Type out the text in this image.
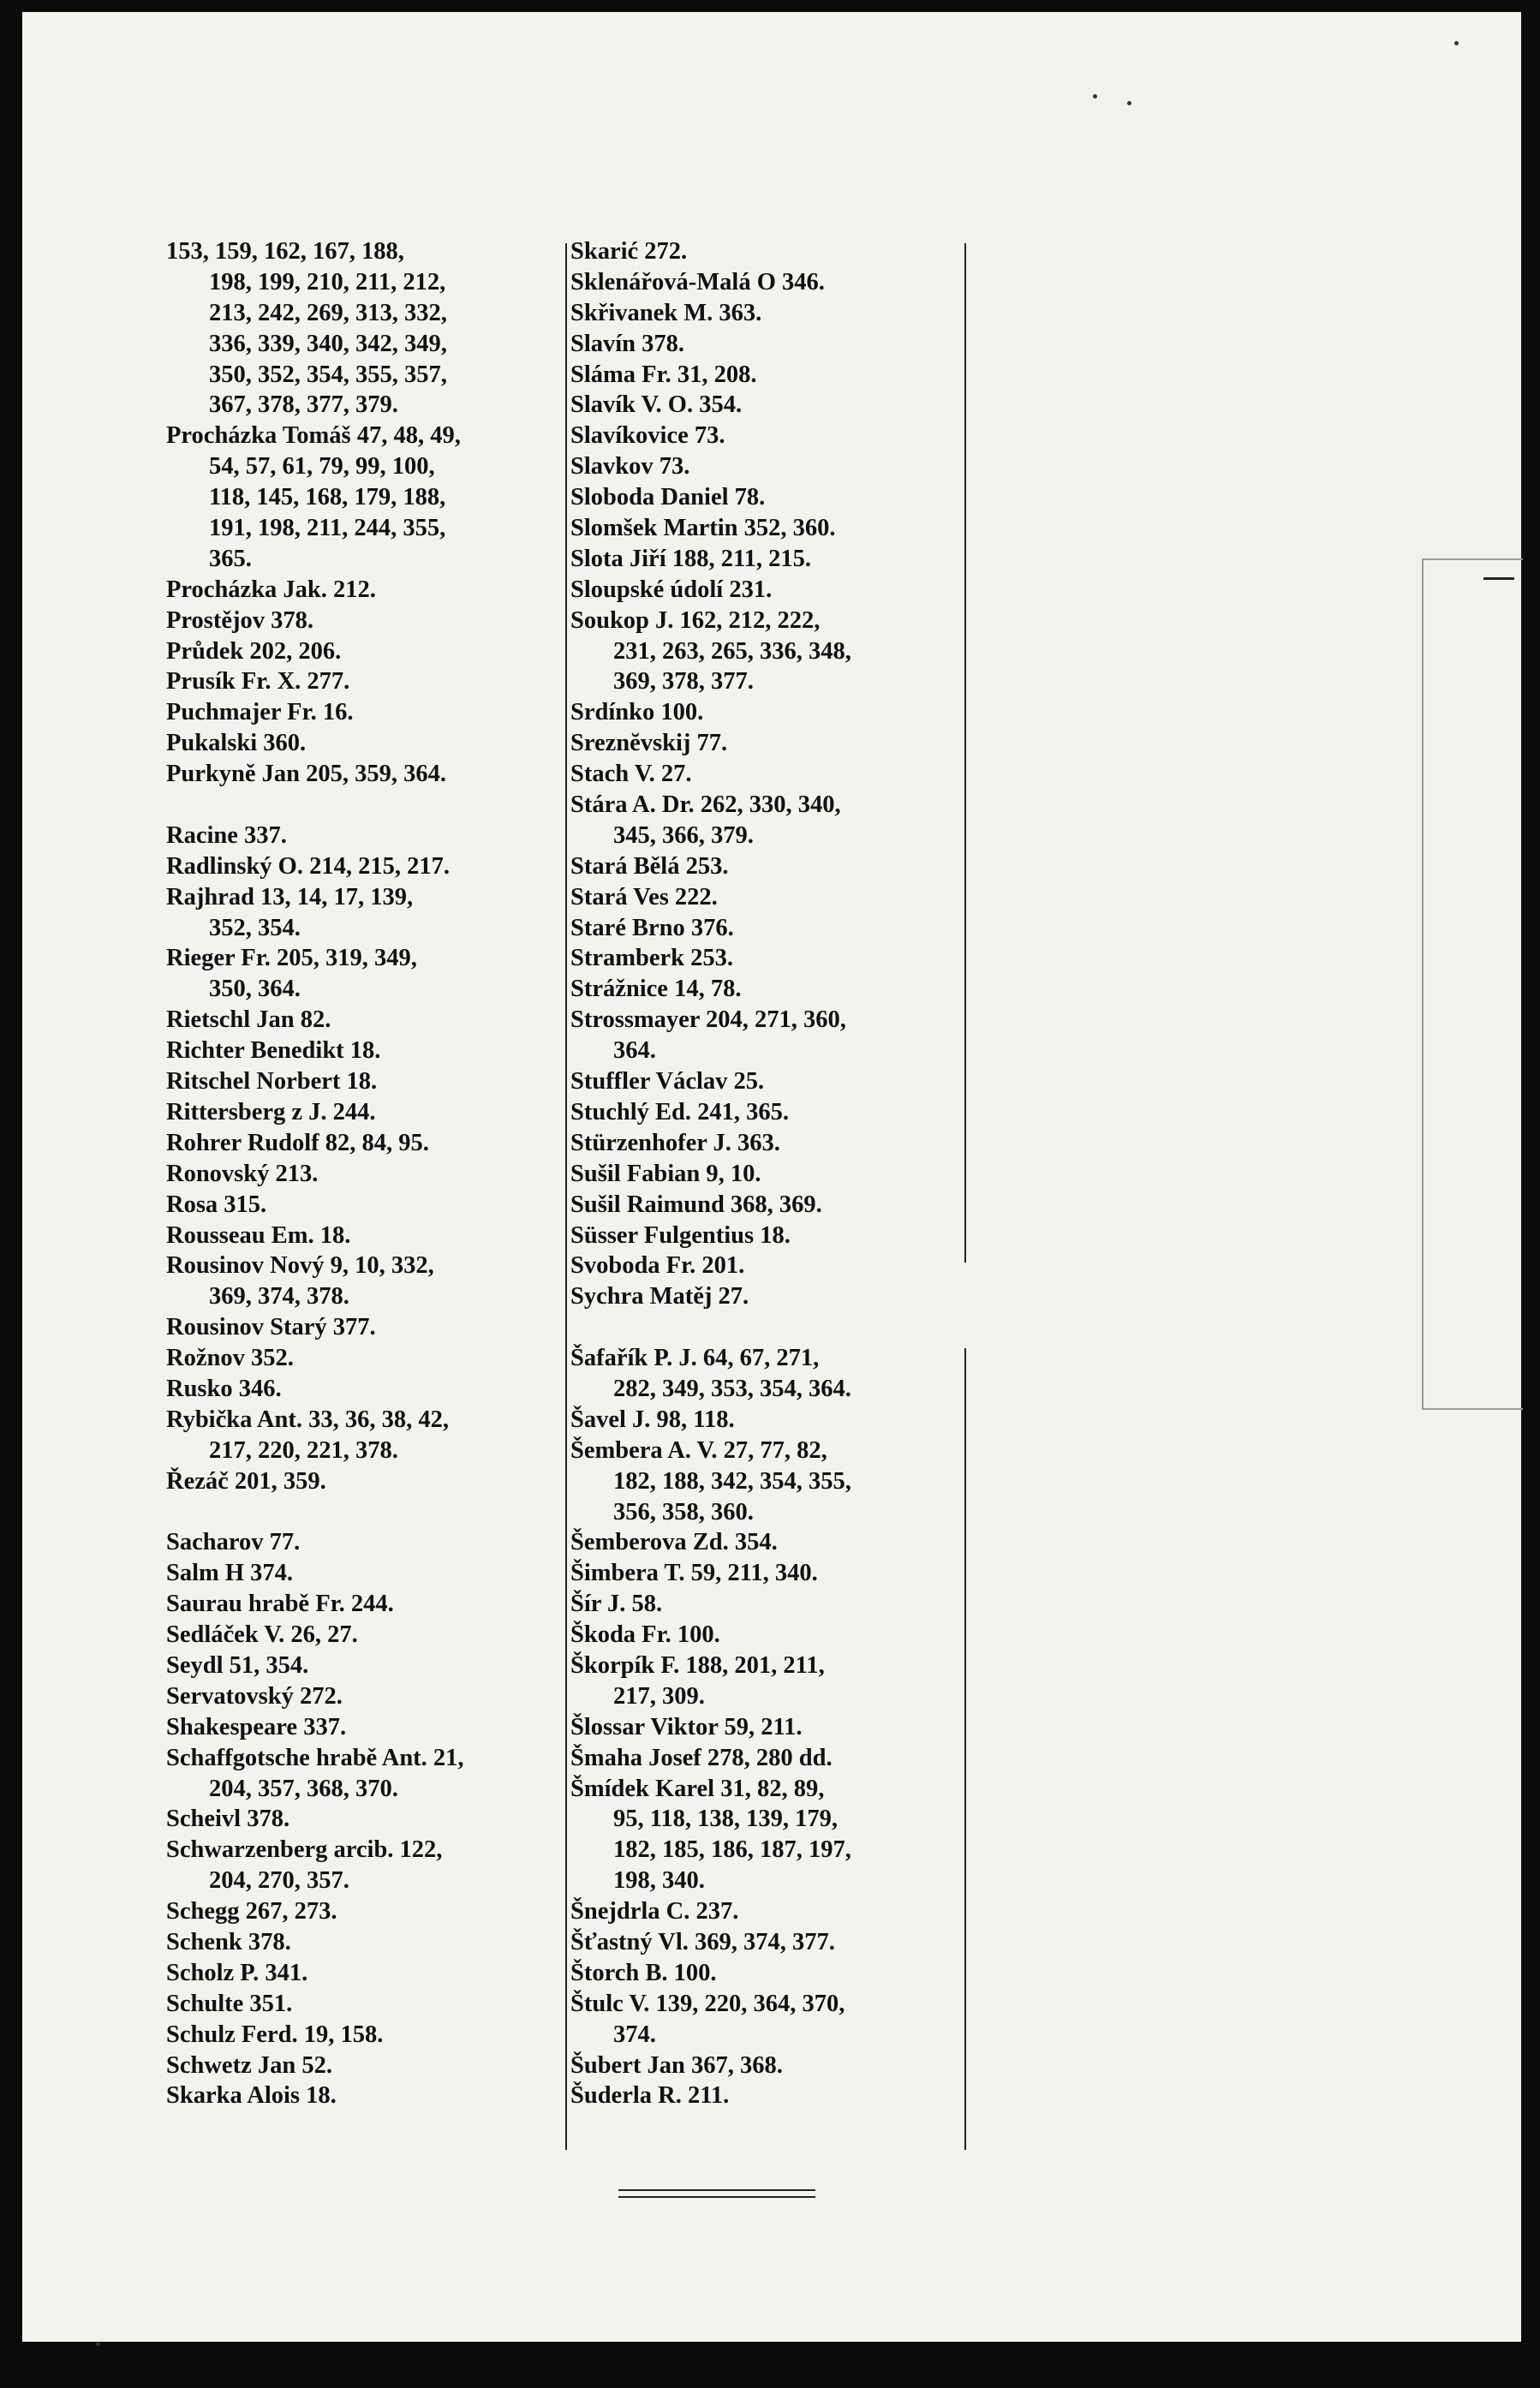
153, 159, 162, 167, 188,
198, 199, 210, 211, 212,
213, 242, 269, 313, 332,
336, 339, 340, 342, 349,
350, 352, 354, 355, 357,
367, 378, 377, 379.
Procházka Tomáš 47, 48, 49,
54, 57, 61, 79, 99, 100,
118, 145, 168, 179, 188,
191, 198, 211, 244, 355,
365.
Procházka Jak. 212.
Prostějov 378.
Průdek 202, 206.
Prusík Fr. X. 277.
Puchmajer Fr. 16.
Pukalski 360.
Purkyně Jan 205, 359, 364.
Racine 337.
Radlinský O. 214, 215, 217.
Rajhrad 13, 14, 17, 139,
352, 354.
Rieger Fr. 205, 319, 349,
350, 364.
Rietschl Jan 82.
Richter Benedikt 18.
Ritschel Norbert 18.
Rittersberg z J. 244.
Rohrer Rudolf 82, 84, 95.
Ronovský 213.
Rosa 315.
Rousseau Em. 18.
Rousinov Nový 9, 10, 332,
369, 374, 378.
Rousinov Starý 377.
Rožnov 352.
Rusko 346.
Rybička Ant. 33, 36, 38, 42,
217, 220, 221, 378.
Řezáč 201, 359.
Sacharov 77.
Salm H 374.
Saurau hrabě Fr. 244.
Sedláček V. 26, 27.
Seydl 51, 354.
Servatovský 272.
Shakespeare 337.
Schaffgotsche hrabě Ant. 21,
204, 357, 368, 370.
Scheivl 378.
Schwarzenberg arcib. 122,
204, 270, 357.
Schegg 267, 273.
Schenk 378.
Scholz P. 341.
Schulte 351.
Schulz Ferd. 19, 158.
Schwetz Jan 52.
Skarka Alois 18.
Skarić 272.
Sklenářová-Malá O 346.
Skřivanek M. 363.
Slavín 378.
Sláma Fr. 31, 208.
Slavík V. O. 354.
Slavíkovice 73.
Slavkov 73.
Sloboda Daniel 78.
Slomšek Martin 352, 360.
Slota Jiří 188, 211, 215.
Sloupské údolí 231.
Soukop J. 162, 212, 222,
231, 263, 265, 336, 348,
369, 378, 377.
Srdínko 100.
Sreznĕvskij 77.
Stach V. 27.
Stára A. Dr. 262, 330, 340,
345, 366, 379.
Stará Bělá 253.
Stará Ves 222.
Staré Brno 376.
Stramberk 253.
Strážnice 14, 78.
Strossmayer 204, 271, 360,
364.
Stuffler Václav 25.
Stuchlý Ed. 241, 365.
Stürzenhofer J. 363.
Sušil Fabian 9, 10.
Sušil Raimund 368, 369.
Süsser Fulgentius 18.
Svoboda Fr. 201.
Sychra Matěj 27.
Šafařík P. J. 64, 67, 271,
282, 349, 353, 354, 364.
Šavel J. 98, 118.
Šembera A. V. 27, 77, 82,
182, 188, 342, 354, 355,
356, 358, 360.
Šemberova Zd. 354.
Šimbera T. 59, 211, 340.
Šír J. 58.
Škoda Fr. 100.
Škorpík F. 188, 201, 211,
217, 309.
Šlossar Viktor 59, 211.
Šmaha Josef 278, 280 dd.
Šmídek Karel 31, 82, 89,
95, 118, 138, 139, 179,
182, 185, 186, 187, 197,
198, 340.
Šnejdrla C. 237.
Šťastný Vl. 369, 374, 377.
Štorch B. 100.
Štulc V. 139, 220, 364, 370,
374.
Šubert Jan 367, 368.
Šuderla R. 211.
